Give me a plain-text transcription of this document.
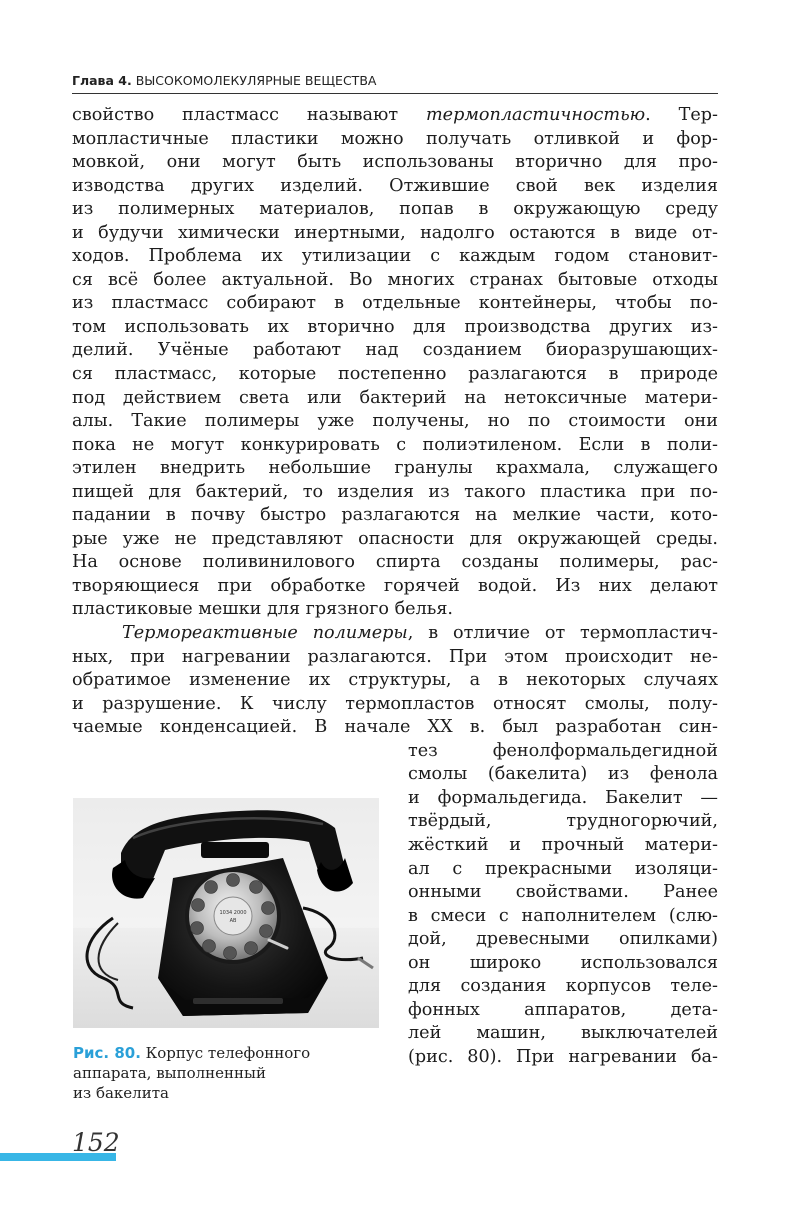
Глава 4. ВЫСОКОМОЛЕКУЛЯРНЫЕ ВЕЩЕСТВА
свойство пластмасс называют термопластичностью. Тер-
мопластичные пластики можно получать отливкой и фор-
мовкой, они могут быть использованы вторично для про-
изводства других изделий. Отжившие свой век изделия
из полимерных материалов, попав в окружающую среду
и будучи химически инертными, надолго остаются в виде от-
ходов. Проблема их утилизации с каждым годом становит-
ся всё более актуальной. Во многих странах бытовые отходы
из пластмасс собирают в отдельные контейнеры, чтобы по-
том использовать их вторично для производства других из-
делий. Учёные работают над созданием биоразрушающих-
ся пластмасс, которые постепенно разлагаются в природе
под действием света или бактерий на нетоксичные матери-
алы. Такие полимеры уже получены, но по стоимости они
пока не могут конкурировать с полиэтиленом. Если в поли-
этилен внедрить небольшие гранулы крахмала, служащего
пищей для бактерий, то изделия из такого пластика при по-
падании в почву быстро разлагаются на мелкие части, кото-
рые уже не представляют опасности для окружающей среды.
На основе поливинилового спирта созданы полимеры, рас-
творяющиеся при обработке горячей водой. Из них делают
пластиковые мешки для грязного белья.
Термореактивные полимеры, в отличие от термопластич-
ных, при нагревании разлагаются. При этом происходит не-
обратимое изменение их структуры, а в некоторых случаях
и разрушение. К числу термопластов относят смолы, полу-
чаемые конденсацией. В начале XX в. был разработан син-
тез фенолформальдегидной
смолы (бакелита) из фенола
и формальдегида. Бакелит —
твёрдый, трудногорючий,
жёсткий и прочный матери-
ал с прекрасными изоляци-
онными свойствами. Ранее
в смеси с наполнителем (слю-
дой, древесными опилками)
он широко использовался
для создания корпусов теле-
фонных аппаратов, дета-
лей машин, выключателей
(рис. 80). При нагревании ба-
1034 2000
AB
Рис. 80. Корпус телефонного
аппарата, выполненный
из бакелита
152
